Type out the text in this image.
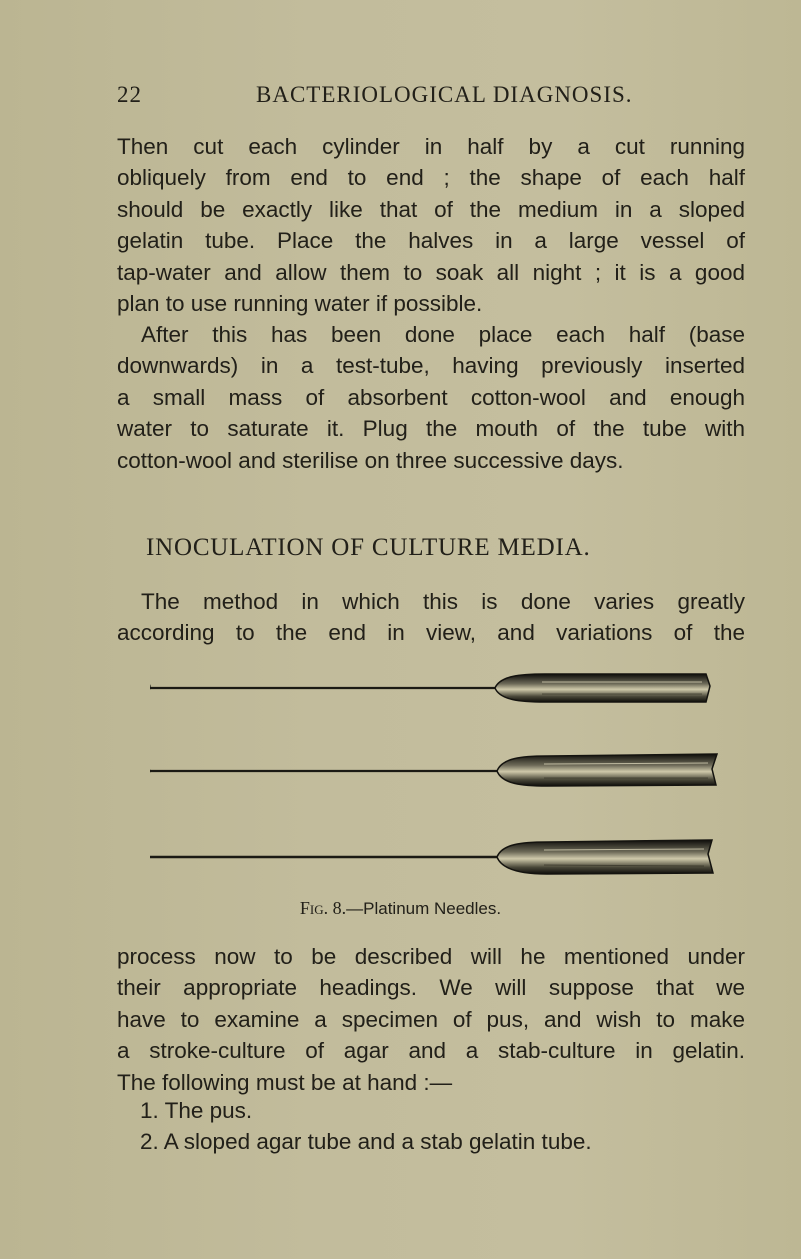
22	BACTERIOLOGICAL DIAGNOSIS.
Then cut each cylinder in half by a cut running
obliquely from end to end ; the shape of each half
should be exactly like that of the medium in a sloped
gelatin tube. Place the halves in a large vessel of
tap-water and allow them to soak all night ; it is a good
plan to use running water if possible.
After this has been done place each half (base
downwards) in a test-tube, having previously inserted
a small mass of absorbent cotton-wool and enough
water to saturate it. Plug the mouth of the tube with
cotton-wool and sterilise on three successive days.
INOCULATION OF CULTURE MEDIA.
The method in which this is done varies greatly
according to the end in view, and variations of the
Fig. 8.—Platinum Needles.
process now to be described will he mentioned under
their appropriate headings. We will suppose that we
have to examine a specimen of pus, and wish to make
a stroke-culture of agar and a stab-culture in gelatin.
The following must be at hand :—
1. The pus.
2. A sloped agar tube and a stab gelatin tube.
